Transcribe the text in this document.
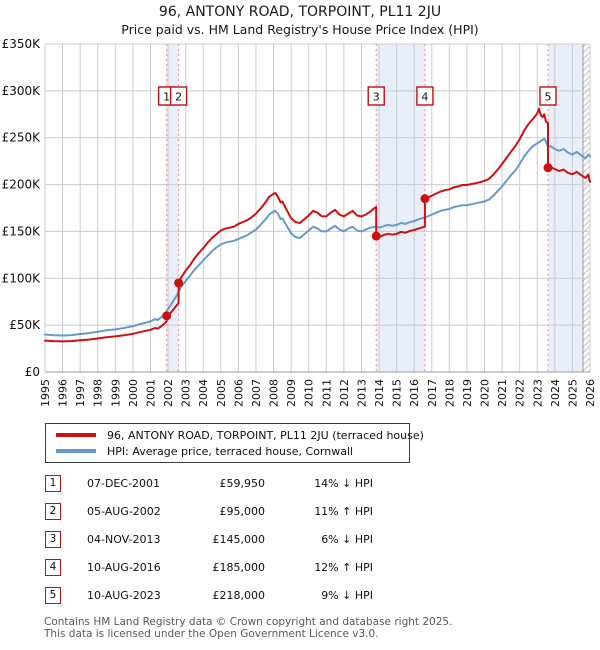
96, ANTONY ROAD, TORPOINT, PL11 2JU
Price paid vs. HM Land Registry's House Price Index (HPI)
1 2	3	4	5
£0
£50K
£100K
£150K
£200K
£250K
£300K
£350K
1995 1996 1997 1998 1999 2000 2001 2002 2003 2004 2005 2006 2007 2008 2009 2010 2011 2012 2013 2014 2015 2016 2017 2018 2019 2020 2021 2022 2023 2024 2025 2026
96, ANTONY ROAD, TORPOINT, PL11 2JU (terraced house)
HPI: Average price, terraced house, Cornwall
1	07-DEC-2001	£59,950	14% ↓ HPI
2	05-AUG-2002	£95,000	11% ↑ HPI
3	04-NOV-2013	£145,000	6% ↓ HPI
4	10-AUG-2016	£185,000	12% ↑ HPI
5	10-AUG-2023	£218,000	9% ↓ HPI
Contains HM Land Registry data © Crown copyright and database right 2025.
This data is licensed under the Open Government Licence v3.0.
